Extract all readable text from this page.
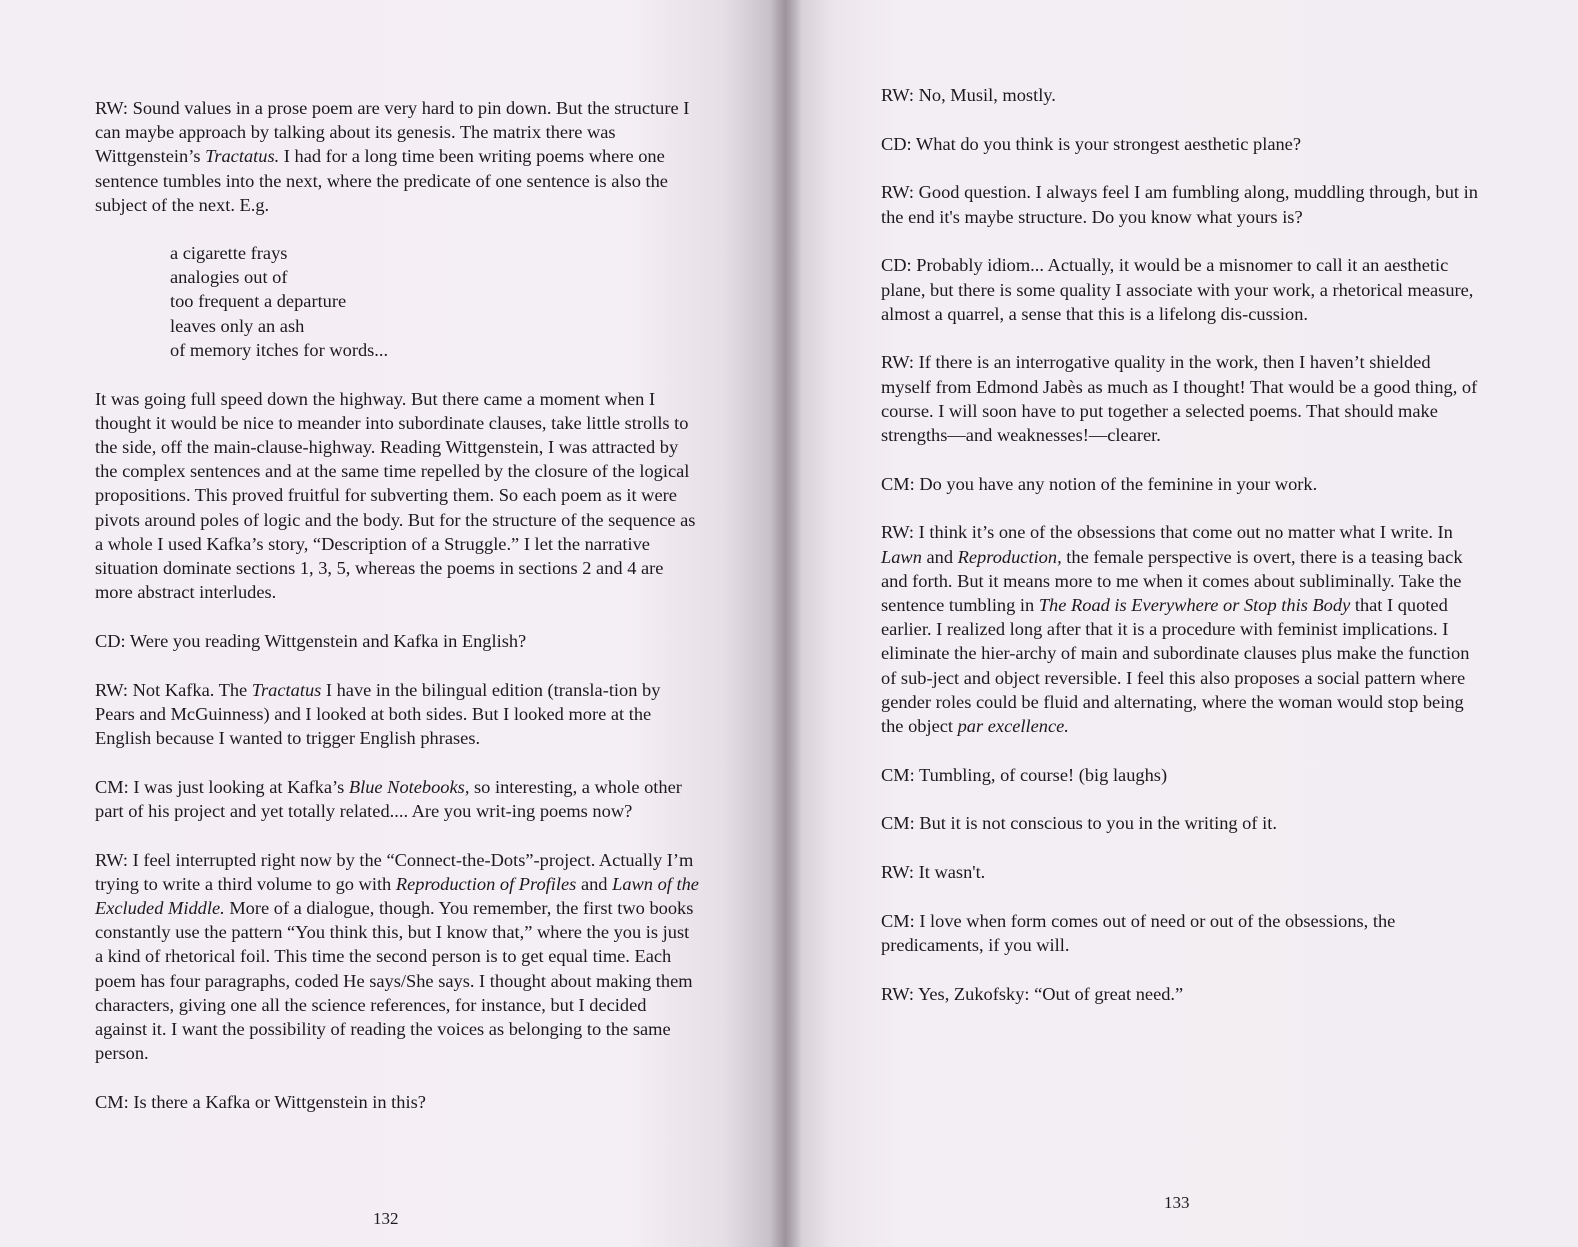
RW: Sound values in a prose poem are very hard to pin down. But the structure I can maybe approach by talking about its genesis. The matrix there was Wittgenstein’s Tractatus. I had for a long time been writing poems where one sentence tumbles into the next, where the predicate of one sentence is also the subject of the next. E.g.

a cigarette frays
analogies out of
too frequent a departure
leaves only an ash
of memory itches for words...

It was going full speed down the highway. But there came a moment when I thought it would be nice to meander into subordinate clauses, take little strolls to the side, off the main-clause-highway. Reading Wittgenstein, I was attracted by the complex sentences and at the same time repelled by the closure of the logical propositions. This proved fruitful for subverting them. So each poem as it were pivots around poles of logic and the body. But for the structure of the sequence as a whole I used Kafka’s story, “Description of a Struggle.” I let the narrative situation dominate sections 1, 3, 5, whereas the poems in sections 2 and 4 are more abstract interludes.

CD: Were you reading Wittgenstein and Kafka in English?

RW: Not Kafka. The Tractatus I have in the bilingual edition (transla-tion by Pears and McGuinness) and I looked at both sides. But I looked more at the English because I wanted to trigger English phrases.

CM: I was just looking at Kafka’s Blue Notebooks, so interesting, a whole other part of his project and yet totally related.... Are you writ-ing poems now?

RW: I feel interrupted right now by the “Connect-the-Dots”-project. Actually I’m trying to write a third volume to go with Reproduction of Profiles and Lawn of the Excluded Middle. More of a dialogue, though. You remember, the first two books constantly use the pattern “You think this, but I know that,” where the you is just a kind of rhetorical foil. This time the second person is to get equal time. Each poem has four paragraphs, coded He says/She says. I thought about making them characters, giving one all the science references, for instance, but I decided against it. I want the possibility of reading the voices as belonging to the same person.

CM: Is there a Kafka or Wittgenstein in this?

132

RW: No, Musil, mostly.

CD: What do you think is your strongest aesthetic plane?

RW: Good question. I always feel I am fumbling along, muddling through, but in the end it's maybe structure. Do you know what yours is?

CD: Probably idiom... Actually, it would be a misnomer to call it an aesthetic plane, but there is some quality I associate with your work, a rhetorical measure, almost a quarrel, a sense that this is a lifelong dis-cussion.

RW: If there is an interrogative quality in the work, then I haven’t shielded myself from Edmond Jabès as much as I thought! That would be a good thing, of course. I will soon have to put together a selected poems. That should make strengths—and weaknesses!—clearer.

CM: Do you have any notion of the feminine in your work.

RW: I think it’s one of the obsessions that come out no matter what I write. In Lawn and Reproduction, the female perspective is overt, there is a teasing back and forth. But it means more to me when it comes about subliminally. Take the sentence tumbling in The Road is Everywhere or Stop this Body that I quoted earlier. I realized long after that it is a procedure with feminist implications. I eliminate the hier-archy of main and subordinate clauses plus make the function of sub-ject and object reversible. I feel this also proposes a social pattern where gender roles could be fluid and alternating, where the woman would stop being the object par excellence.

CM: Tumbling, of course! (big laughs)

CM: But it is not conscious to you in the writing of it.

RW: It wasn't.

CM: I love when form comes out of need or out of the obsessions, the predicaments, if you will.

RW: Yes, Zukofsky: “Out of great need.”

133
